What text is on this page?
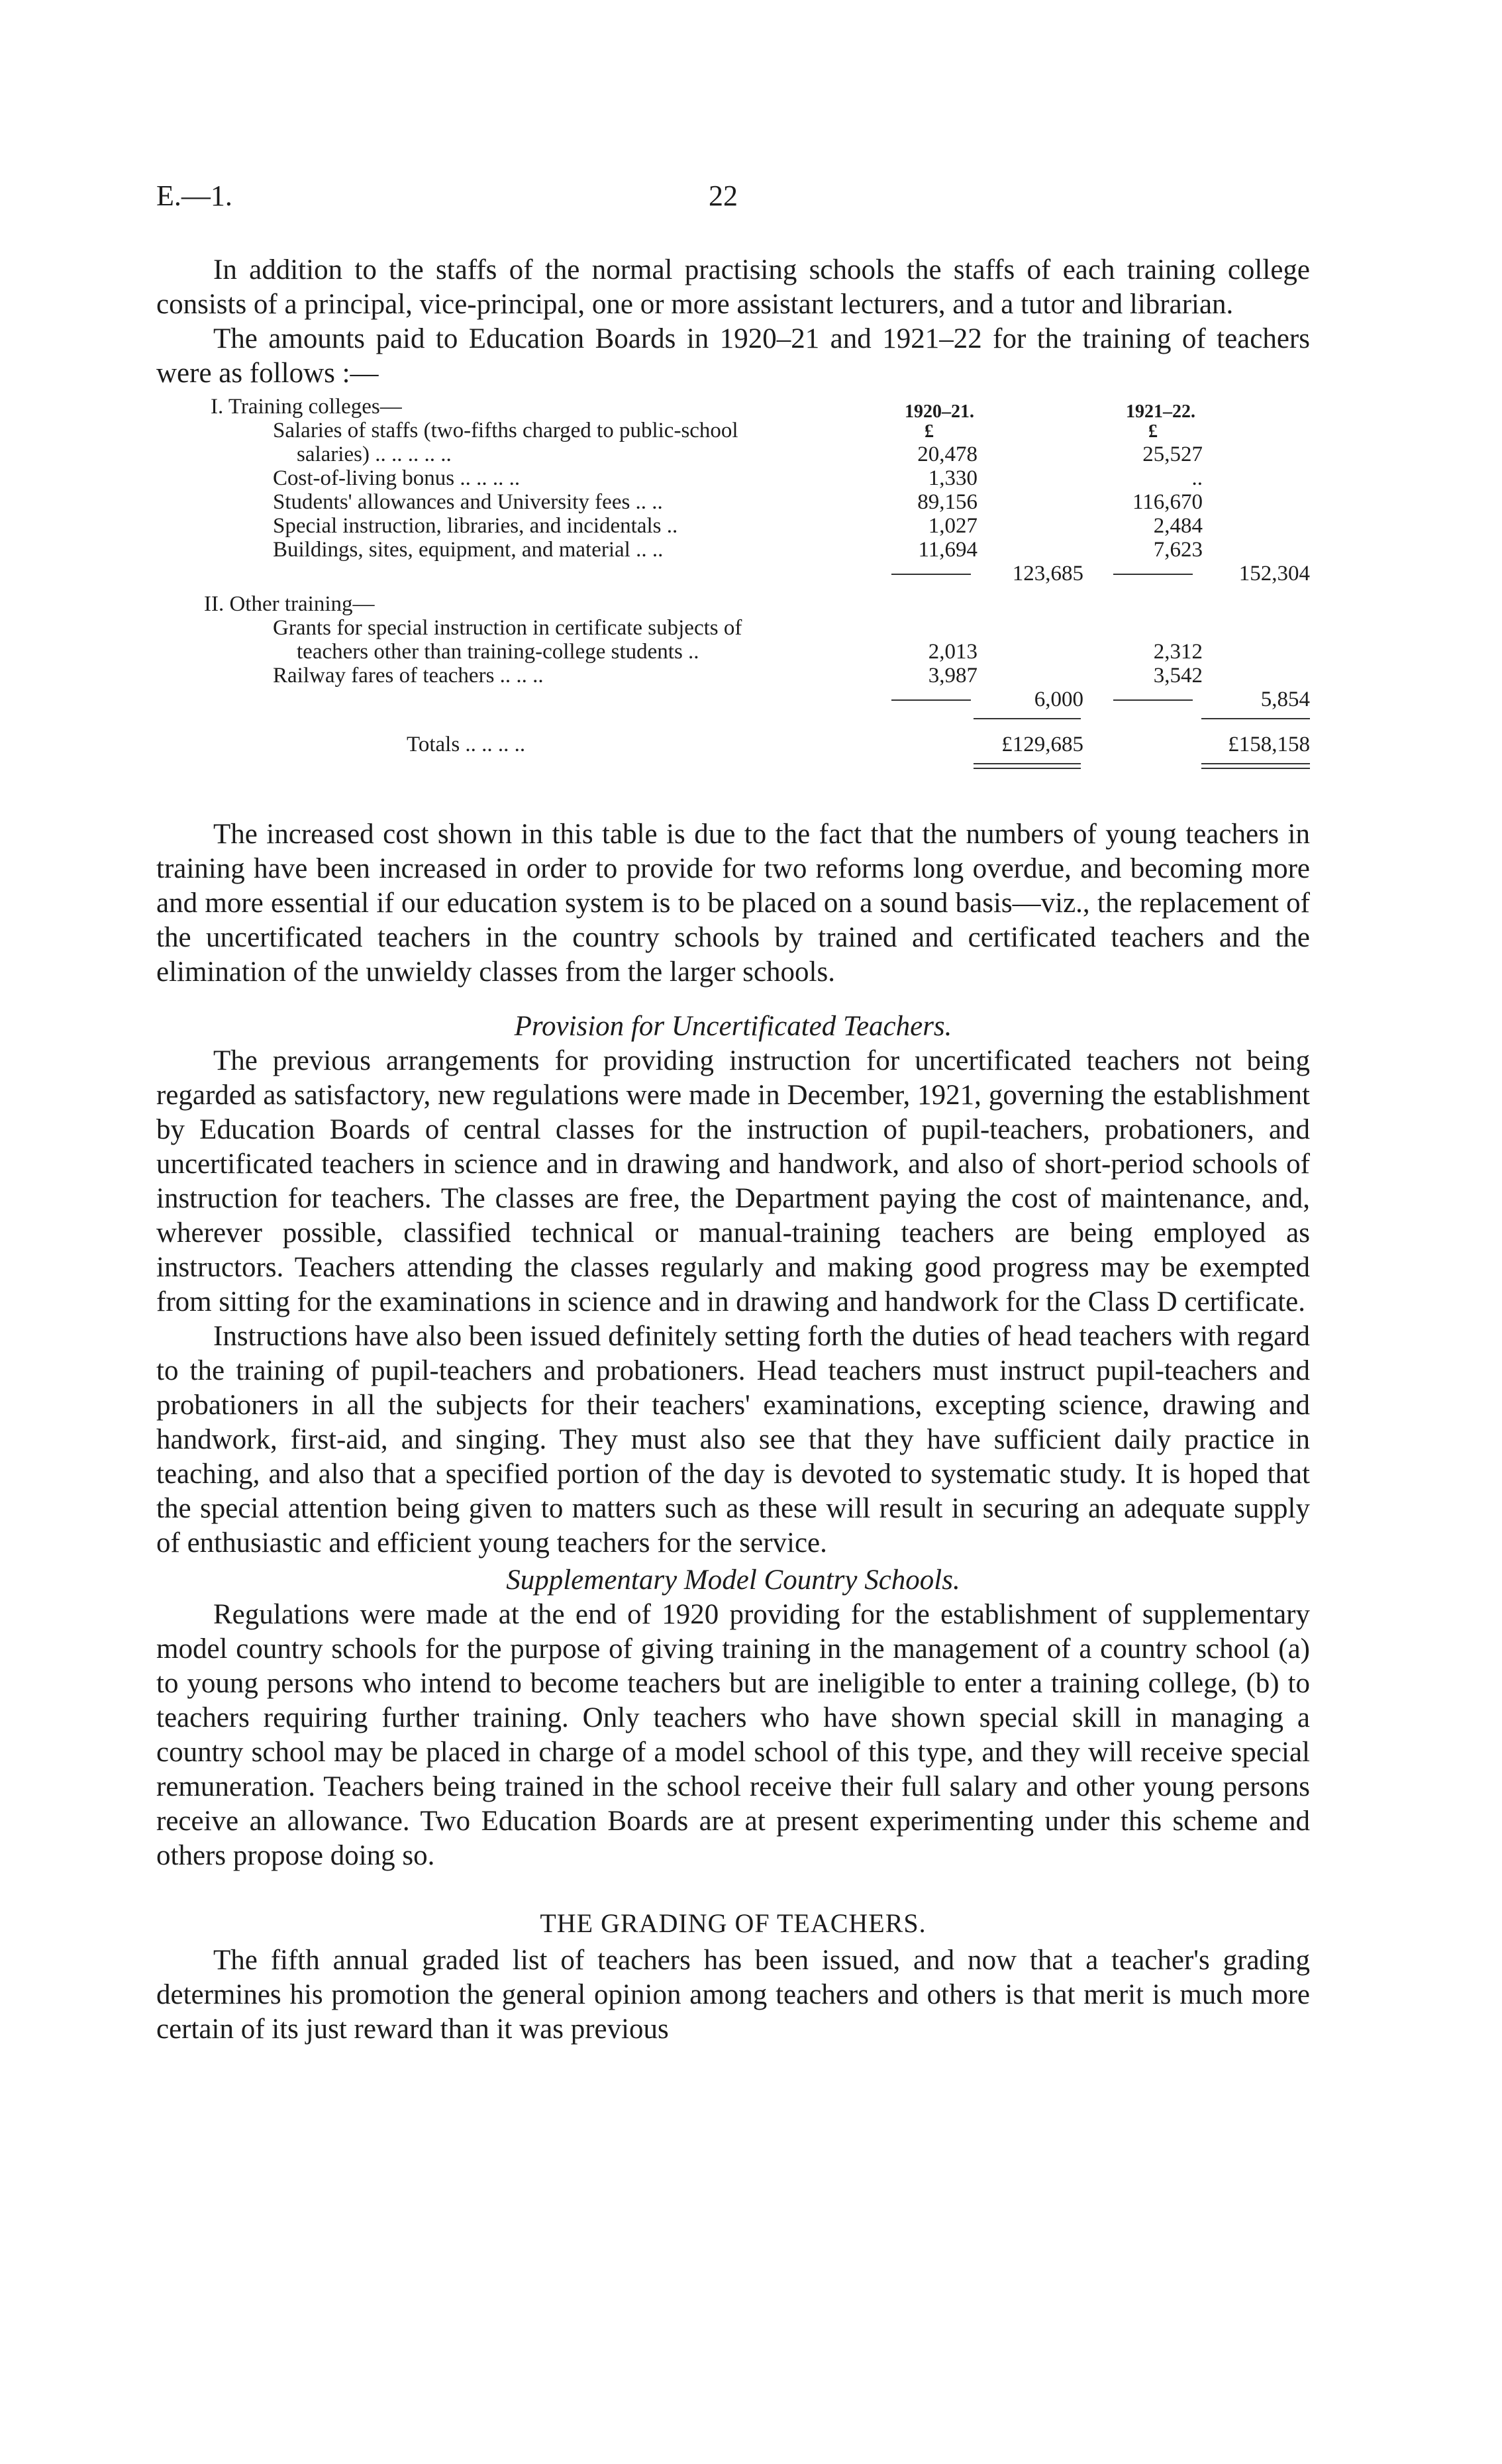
E.—1.	22

In addition to the staffs of the normal practising schools the staffs of each training college consists of a principal, vice-principal, one or more assistant lecturers, and a tutor and librarian.

The amounts paid to Education Boards in 1920–21 and 1921–22 for the training of teachers were as follows :—

1920–21.	1921–22.
£	£
I. Training colleges—
Salaries of staffs (two-fifths charged to public-school
salaries) .. .. .. .. ..	20,478	25,527
Cost-of-living bonus .. .. .. ..	1,330	..
Students' allowances and University fees .. ..	89,156	116,670
Special instruction, libraries, and incidentals ..	1,027	2,484
Buildings, sites, equipment, and material .. ..	11,694	7,623
123,685	152,304
II. Other training—
Grants for special instruction in certificate subjects of
teachers other than training-college students ..	2,013	2,312
Railway fares of teachers .. .. ..	3,987	3,542
6,000	5,854
Totals .. .. .. ..	£129,685	£158,158

The increased cost shown in this table is due to the fact that the numbers of young teachers in training have been increased in order to provide for two reforms long overdue, and becoming more and more essential if our education system is to be placed on a sound basis—viz., the replacement of the uncertificated teachers in the country schools by trained and certificated teachers and the elimination of the unwieldy classes from the larger schools.

Provision for Uncertificated Teachers.

The previous arrangements for providing instruction for uncertificated teachers not being regarded as satisfactory, new regulations were made in December, 1921, governing the establishment by Education Boards of central classes for the instruction of pupil-teachers, probationers, and uncertificated teachers in science and in drawing and handwork, and also of short-period schools of instruction for teachers. The classes are free, the Department paying the cost of maintenance, and, wherever possible, classified technical or manual-training teachers are being employed as instructors. Teachers attending the classes regularly and making good progress may be exempted from sitting for the examinations in science and in drawing and handwork for the Class D certificate.

Instructions have also been issued definitely setting forth the duties of head teachers with regard to the training of pupil-teachers and probationers. Head teachers must instruct pupil-teachers and probationers in all the subjects for their teachers' examinations, excepting science, drawing and handwork, first-aid, and singing. They must also see that they have sufficient daily practice in teaching, and also that a specified portion of the day is devoted to systematic study. It is hoped that the special attention being given to matters such as these will result in securing an adequate supply of enthusiastic and efficient young teachers for the service.

Supplementary Model Country Schools.

Regulations were made at the end of 1920 providing for the establishment of supplementary model country schools for the purpose of giving training in the management of a country school (a) to young persons who intend to become teachers but are ineligible to enter a training college, (b) to teachers requiring further training. Only teachers who have shown special skill in managing a country school may be placed in charge of a model school of this type, and they will receive special remuneration. Teachers being trained in the school receive their full salary and other young persons receive an allowance. Two Education Boards are at present experimenting under this scheme and others propose doing so.

THE GRADING OF TEACHERS.

The fifth annual graded list of teachers has been issued, and now that a teacher's grading determines his promotion the general opinion among teachers and others is that merit is much more certain of its just reward than it was previous
